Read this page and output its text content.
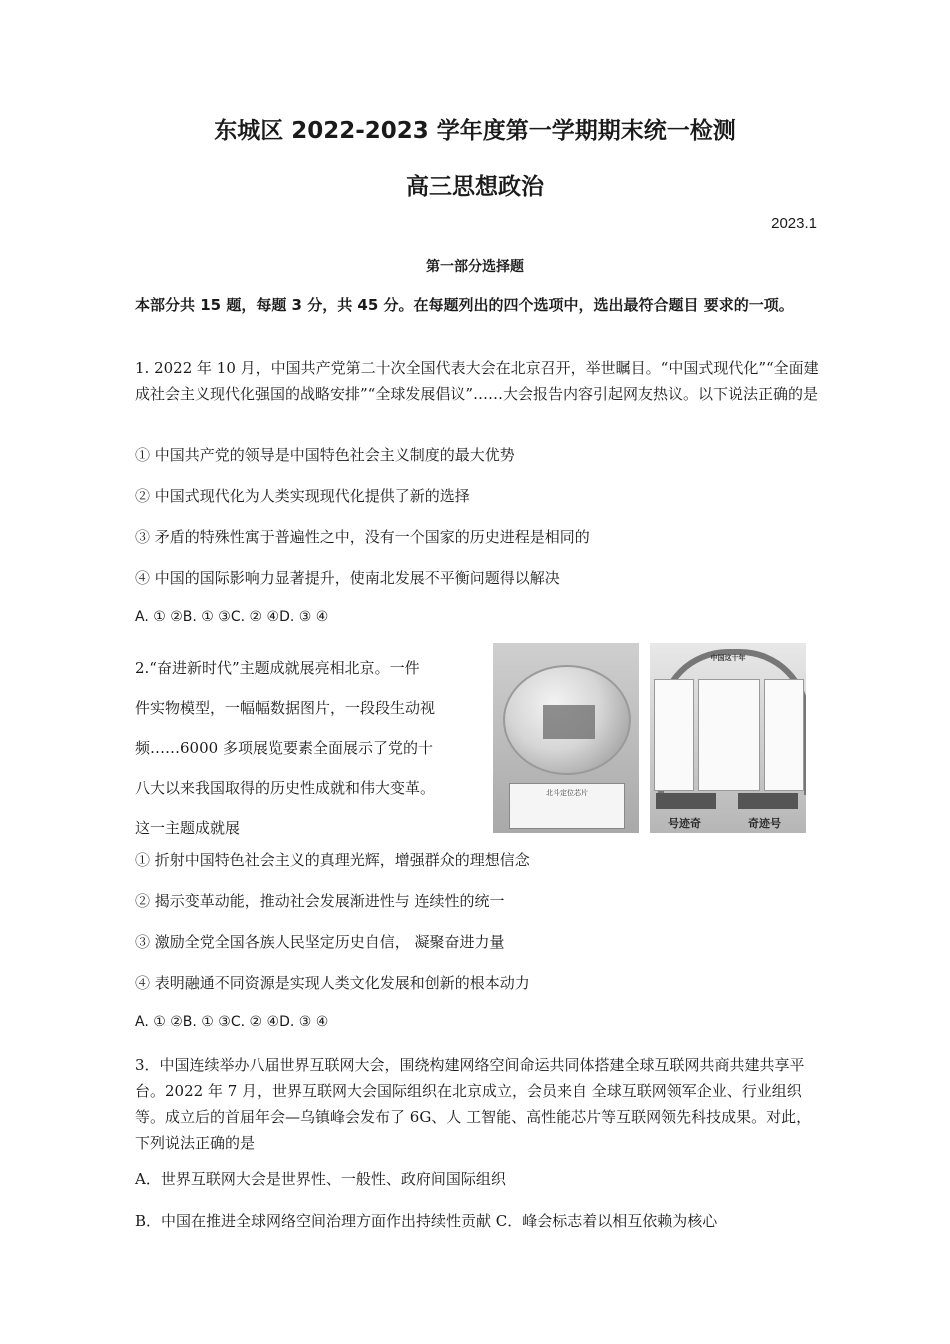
东城区 2022-2023 学年度第一学期期末统一检测
高三思想政治
2023.1
第一部分选择题
本部分共 15 题，每题 3 分，共 45 分。在每题列出的四个选项中，选出最符合题目 要求的一项。
1. 2022 年 10 月，中国共产党第二十次全国代表大会在北京召开，举世瞩目。“中国式现代化”“全面建成社会主义现代化强国的战略安排”“全球发展倡议”……大会报告内容引起网友热议。以下说法正确的是
① 中国共产党的领导是中国特色社会主义制度的最大优势
② 中国式现代化为人类实现现代化提供了新的选择
③ 矛盾的特殊性寓于普遍性之中，没有一个国家的历史进程是相同的
④ 中国的国际影响力显著提升，使南北发展不平衡问题得以解决
A. ① ②B. ① ③C. ② ④D. ③ ④
2.“奋进新时代”主题成就展亮相北京。一件
件实物模型，一幅幅数据图片，一段段生动视
频……6000 多项展览要素全面展示了党的十
八大以来我国取得的历史性成就和伟大变革。
这一主题成就展
北斗定位芯片
中国这十年
号迹奇	奇迹号
① 折射中国特色社会主义的真理光辉，增强群众的理想信念
② 揭示变革动能，推动社会发展渐进性与 连续性的统一
③ 激励全党全国各族人民坚定历史自信， 凝聚奋进力量
④ 表明融通不同资源是实现人类文化发展和创新的根本动力
A. ① ②B. ① ③C. ② ④D. ③ ④
3．中国连续举办八届世界互联网大会，围绕构建网络空间命运共同体搭建全球互联网共商共建共享平台。2022 年 7 月，世界互联网大会国际组织在北京成立，会员来自 全球互联网领军企业、行业组织等。成立后的首届年会—乌镇峰会发布了 6G、人 工智能、高性能芯片等互联网领先科技成果。对此，下列说法正确的是
A．世界互联网大会是世界性、一般性、政府间国际组织
B．中国在推进全球网络空间治理方面作出持续性贡献 C．峰会标志着以相互依赖为核心
